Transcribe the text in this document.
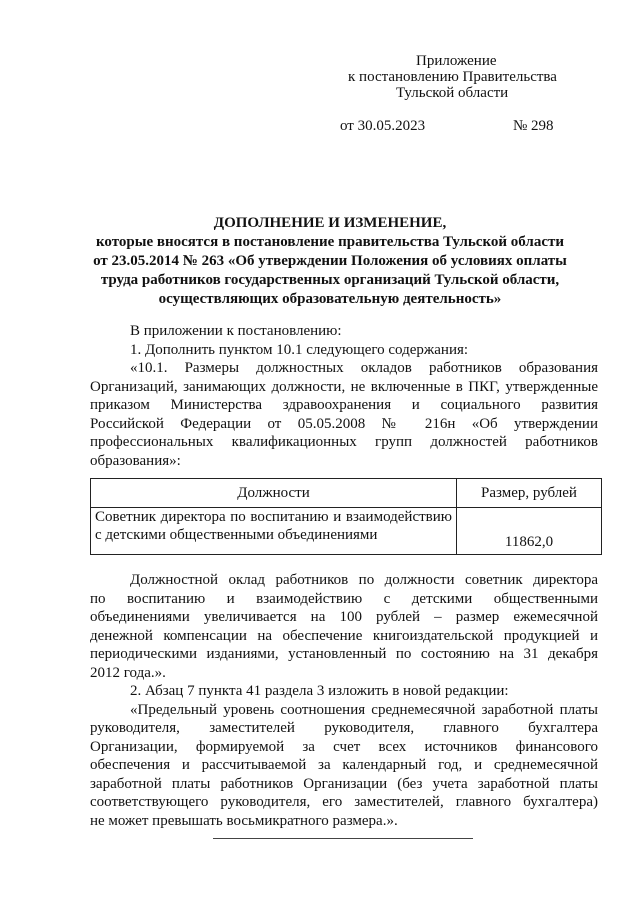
Приложение
к постановлению Правительства
Тульской области
от 30.05.2023	№ 298
ДОПОЛНЕНИЕ И ИЗМЕНЕНИЕ,
которые вносятся в постановление правительства Тульской области
от 23.05.2014 № 263 «Об утверждении Положения об условиях оплаты
труда работников государственных организаций Тульской области,
осуществляющих образовательную деятельность»
В приложении к постановлению:
1. Дополнить пунктом 10.1 следующего содержания:
«10.1. Размеры должностных окладов работников образования
Организаций, занимающих должности, не включенные в ПКГ, утвержденные
приказом Министерства здравоохранения и социального развития
Российской Федерации от 05.05.2008 № 216н «Об утверждении
профессиональных квалификационных групп должностей работников
образования»:
Должности	Размер, рублей

Советник директора по воспитанию и взаимодействию
с детскими общественными объединениями	11862,0
Должностной оклад работников по должности советник директора
по воспитанию и взаимодействию с детскими общественными
объединениями увеличивается на 100 рублей – размер ежемесячной
денежной компенсации на обеспечение книгоиздательской продукцией и
периодическими изданиями, установленный по состоянию на 31 декабря
2012 года.».
2. Абзац 7 пункта 41 раздела 3 изложить в новой редакции:
«Предельный уровень соотношения среднемесячной заработной платы
руководителя, заместителей руководителя, главного бухгалтера
Организации, формируемой за счет всех источников финансового
обеспечения и рассчитываемой за календарный год, и среднемесячной
заработной платы работников Организации (без учета заработной платы
соответствующего руководителя, его заместителей, главного бухгалтера)
не может превышать восьмикратного размера.».
